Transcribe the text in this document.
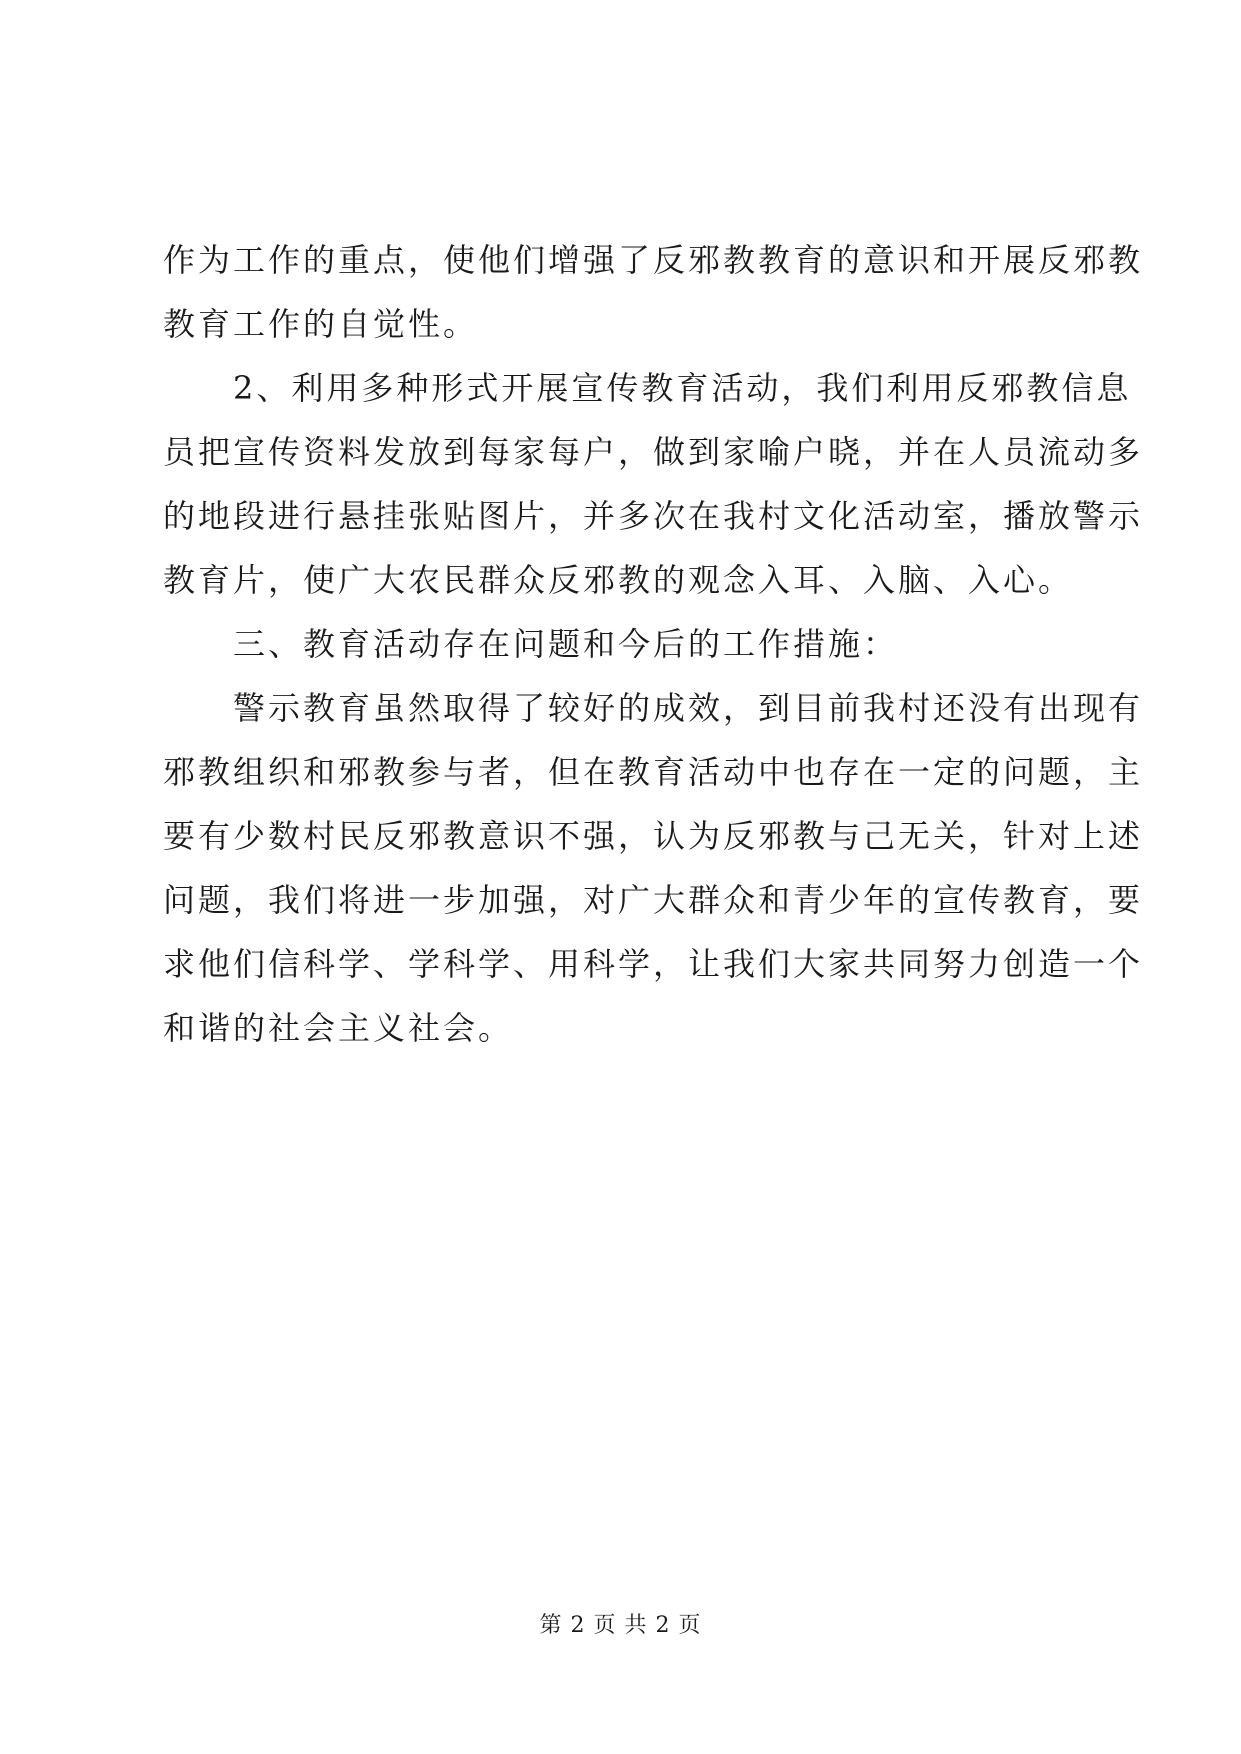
作为工作的重点，使他们增强了反邪教教育的意识和开展反邪教
教育工作的自觉性。
　　2、利用多种形式开展宣传教育活动，我们利用反邪教信息
员把宣传资料发放到每家每户，做到家喻户晓，并在人员流动多
的地段进行悬挂张贴图片，并多次在我村文化活动室，播放警示
教育片，使广大农民群众反邪教的观念入耳、入脑、入心。
　　三、教育活动存在问题和今后的工作措施：
　　警示教育虽然取得了较好的成效，到目前我村还没有出现有
邪教组织和邪教参与者，但在教育活动中也存在一定的问题，主
要有少数村民反邪教意识不强，认为反邪教与己无关，针对上述
问题，我们将进一步加强，对广大群众和青少年的宣传教育，要
求他们信科学、学科学、用科学，让我们大家共同努力创造一个
和谐的社会主义社会。
第 2 页 共 2 页
